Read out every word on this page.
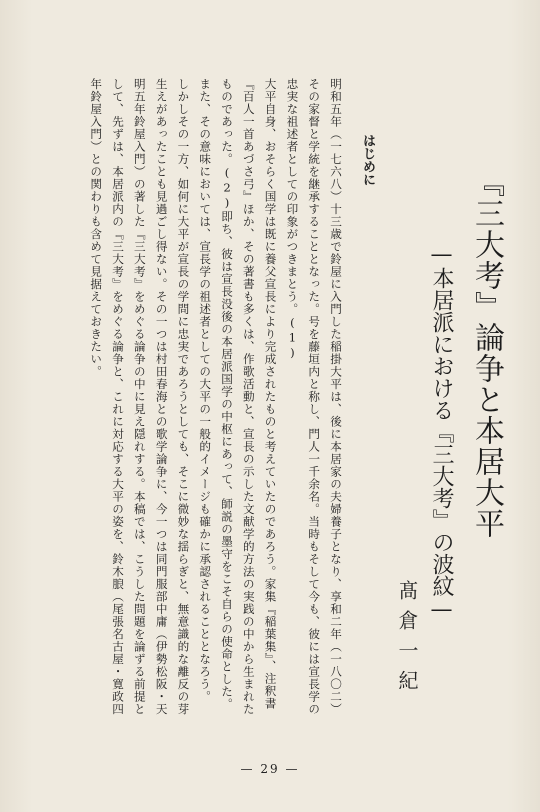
『三大考』論争と本居大平
—本居派における『三大考』の波紋—
髙倉一紀
はじめに

明和五年（一七六八）十三歳で鈴屋に入門した稲掛大平は、後に本居家の夫婦養子となり、享和二年（一八〇二）その家督と学統を継承することとなった。号を藤垣内と称し、門人一千余名。当時もそして今も、彼には宣長学の忠実な祖述者としての印象がつきまとう。(1)

大平自身、おそらく国学は既に養父宣長により完成されたものと考えていたのであろう。家集『稲葉集』、注釈書『百人一首あづさ弓』ほか、その著書も多くは、作歌活動と、宣長の示した文献学的方法の実践の中から生まれたものであった。(2)即ち、彼は宣長没後の本居派国学の中枢にあって、師説の墨守をこそ自らの使命とした。また、その意味においては、宣長学の祖述者としての大平の一般的イメージも確かに承認されることとなろう。

しかしその一方、如何に大平が宣長の学問に忠実であろうとしても、そこに微妙な揺らぎと、無意識的な離反の芽生えがあったことも見過ごし得ない。その一つは村田春海との歌学論争に、今一つは同門服部中庸（伊勢松阪・天明五年鈴屋入門）の著した『三大考』をめぐる論争の中に見え隠れする。本稿では、こうした問題を論ずる前提として、先ずは、本居派内の『三大考』をめぐる論争と、これに対応する大平の姿を、鈴木朖（尾張名古屋・寛政四年鈴屋入門）との関わりも含めて見据えておきたい。

— 29 —
